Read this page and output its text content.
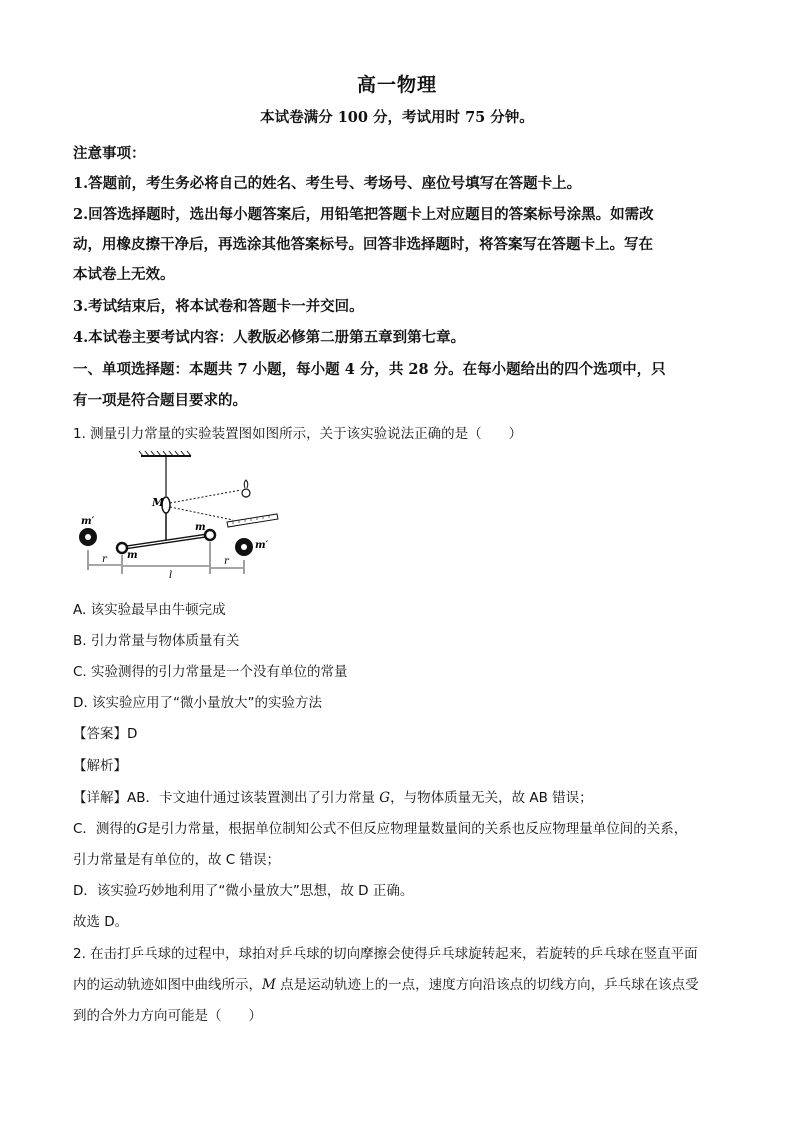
高一物理
本试卷满分 100 分，考试用时 75 分钟。
注意事项：
1.答题前，考生务必将自己的姓名、考生号、考场号、座位号填写在答题卡上。
2.回答选择题时，选出每小题答案后，用铅笔把答题卡上对应题目的答案标号涂黑。如需改
动，用橡皮擦干净后，再选涂其他答案标号。回答非选择题时，将答案写在答题卡上。写在
本试卷上无效。
3.考试结束后，将本试卷和答题卡一并交回。
4.本试卷主要考试内容：人教版必修第二册第五章到第七章。
一、单项选择题：本题共 7 小题，每小题 4 分，共 28 分。在每小题给出的四个选项中，只
有一项是符合题目要求的。
1. 测量引力常量的实验装置图如图所示，关于该实验说法正确的是（　　）
M
m′
m′
m
m
r	r
l
A. 该实验最早由牛顿完成
B. 引力常量与物体质量有关
C. 实验测得的引力常量是一个没有单位的常量
D. 该实验应用了“微小量放大”的实验方法
【答案】D
【解析】
【详解】AB．卡文迪什通过该装置测出了引力常量 G，与物体质量无关，故 AB 错误；
C．测得的G是引力常量，根据单位制知公式不但反应物理量数量间的关系也反应物理量单位间的关系，
引力常量是有单位的，故 C 错误；
D．该实验巧妙地利用了“微小量放大”思想，故 D 正确。
故选 D。
2. 在击打乒乓球的过程中，球拍对乒乓球的切向摩擦会使得乒乓球旋转起来，若旋转的乒乓球在竖直平面
内的运动轨迹如图中曲线所示，M 点是运动轨迹上的一点，速度方向沿该点的切线方向，乒乓球在该点受
到的合外力方向可能是（　　）
